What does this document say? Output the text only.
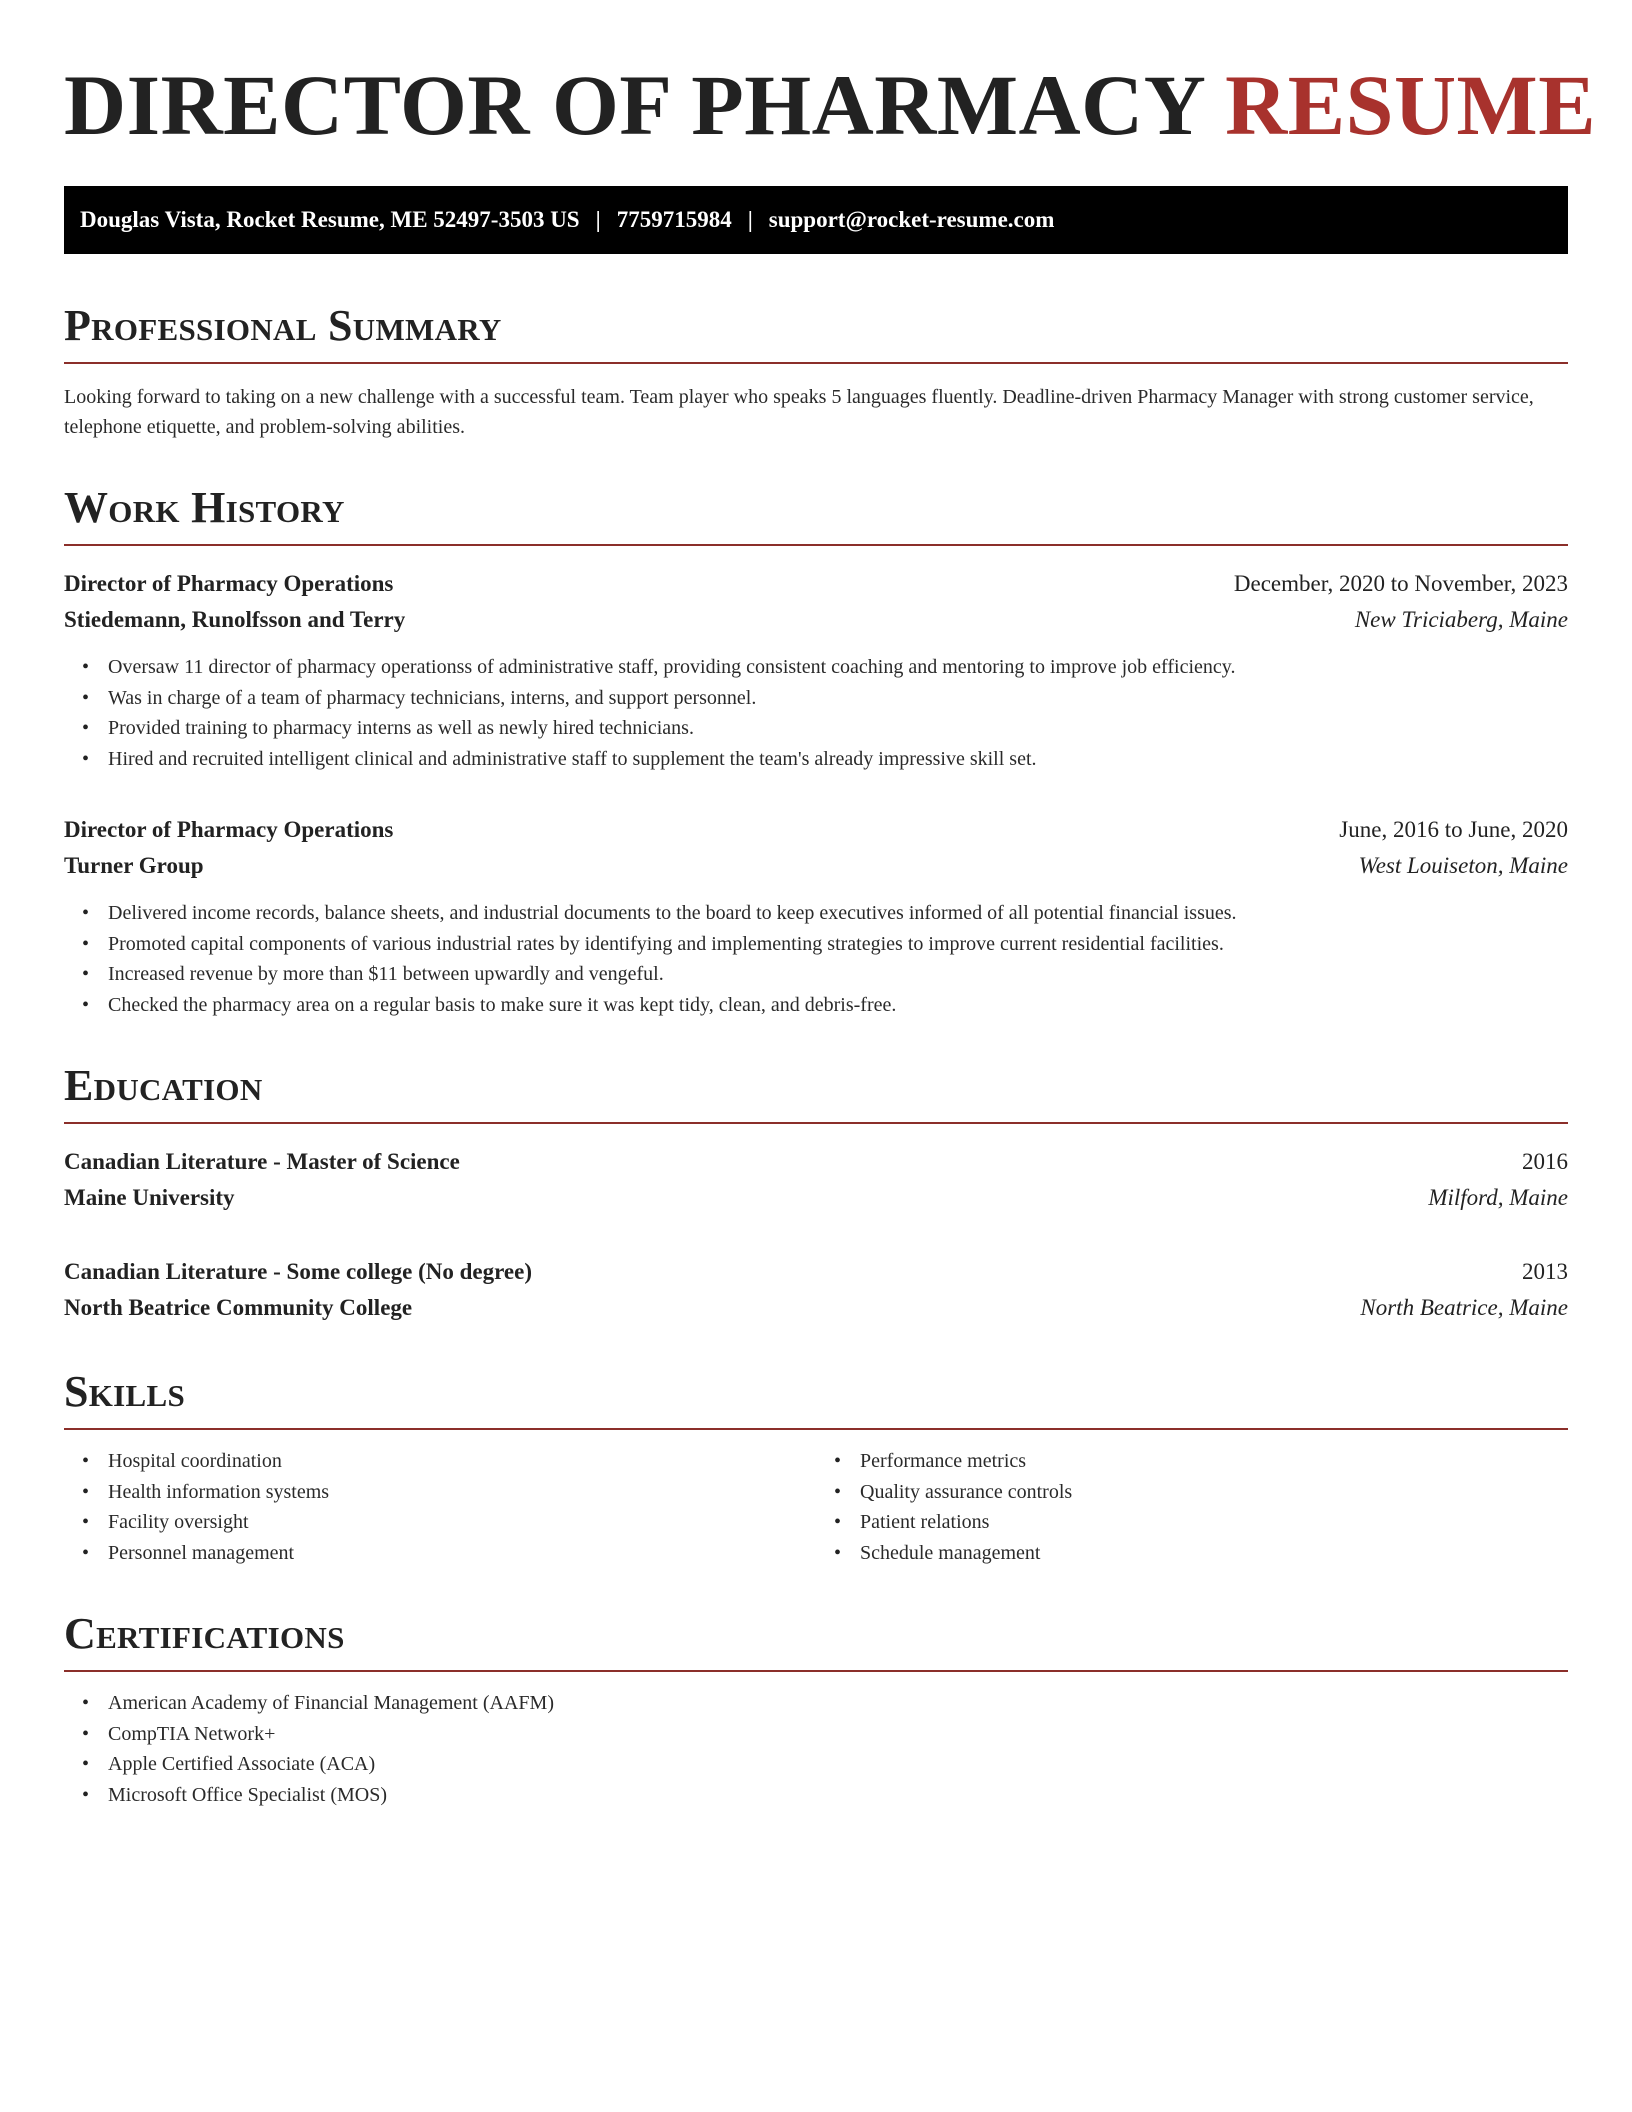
DIRECTOR OF PHARMACY RESUME
Douglas Vista, Rocket Resume, ME 52497-3503 US | 7759715984 | support@rocket-resume.com
Professional Summary

Looking forward to taking on a new challenge with a successful team. Team player who speaks 5 languages fluently. Deadline-driven Pharmacy Manager with strong customer service, telephone etiquette, and problem-solving abilities.

Work History
Director of Pharmacy Operations	December, 2020 to November, 2023
Stiedemann, Runolfsson and Terry	New Triciaberg, Maine
• Oversaw 11 director of pharmacy operationss of administrative staff, providing consistent coaching and mentoring to improve job efficiency.
• Was in charge of a team of pharmacy technicians, interns, and support personnel.
• Provided training to pharmacy interns as well as newly hired technicians.
• Hired and recruited intelligent clinical and administrative staff to supplement the team's already impressive skill set.
Director of Pharmacy Operations	June, 2016 to June, 2020
Turner Group	West Louiseton, Maine
• Delivered income records, balance sheets, and industrial documents to the board to keep executives informed of all potential financial issues.
• Promoted capital components of various industrial rates by identifying and implementing strategies to improve current residential facilities.
• Increased revenue by more than $11 between upwardly and vengeful.
• Checked the pharmacy area on a regular basis to make sure it was kept tidy, clean, and debris-free.
Education
Canadian Literature - Master of Science	2016
Maine University	Milford, Maine
Canadian Literature - Some college (No degree)	2013
North Beatrice Community College	North Beatrice, Maine
Skills
• Hospital coordination
• Health information systems
• Facility oversight
• Personnel management
• Performance metrics
• Quality assurance controls
• Patient relations
• Schedule management
Certifications
• American Academy of Financial Management (AAFM)
• CompTIA Network+
• Apple Certified Associate (ACA)
• Microsoft Office Specialist (MOS)
